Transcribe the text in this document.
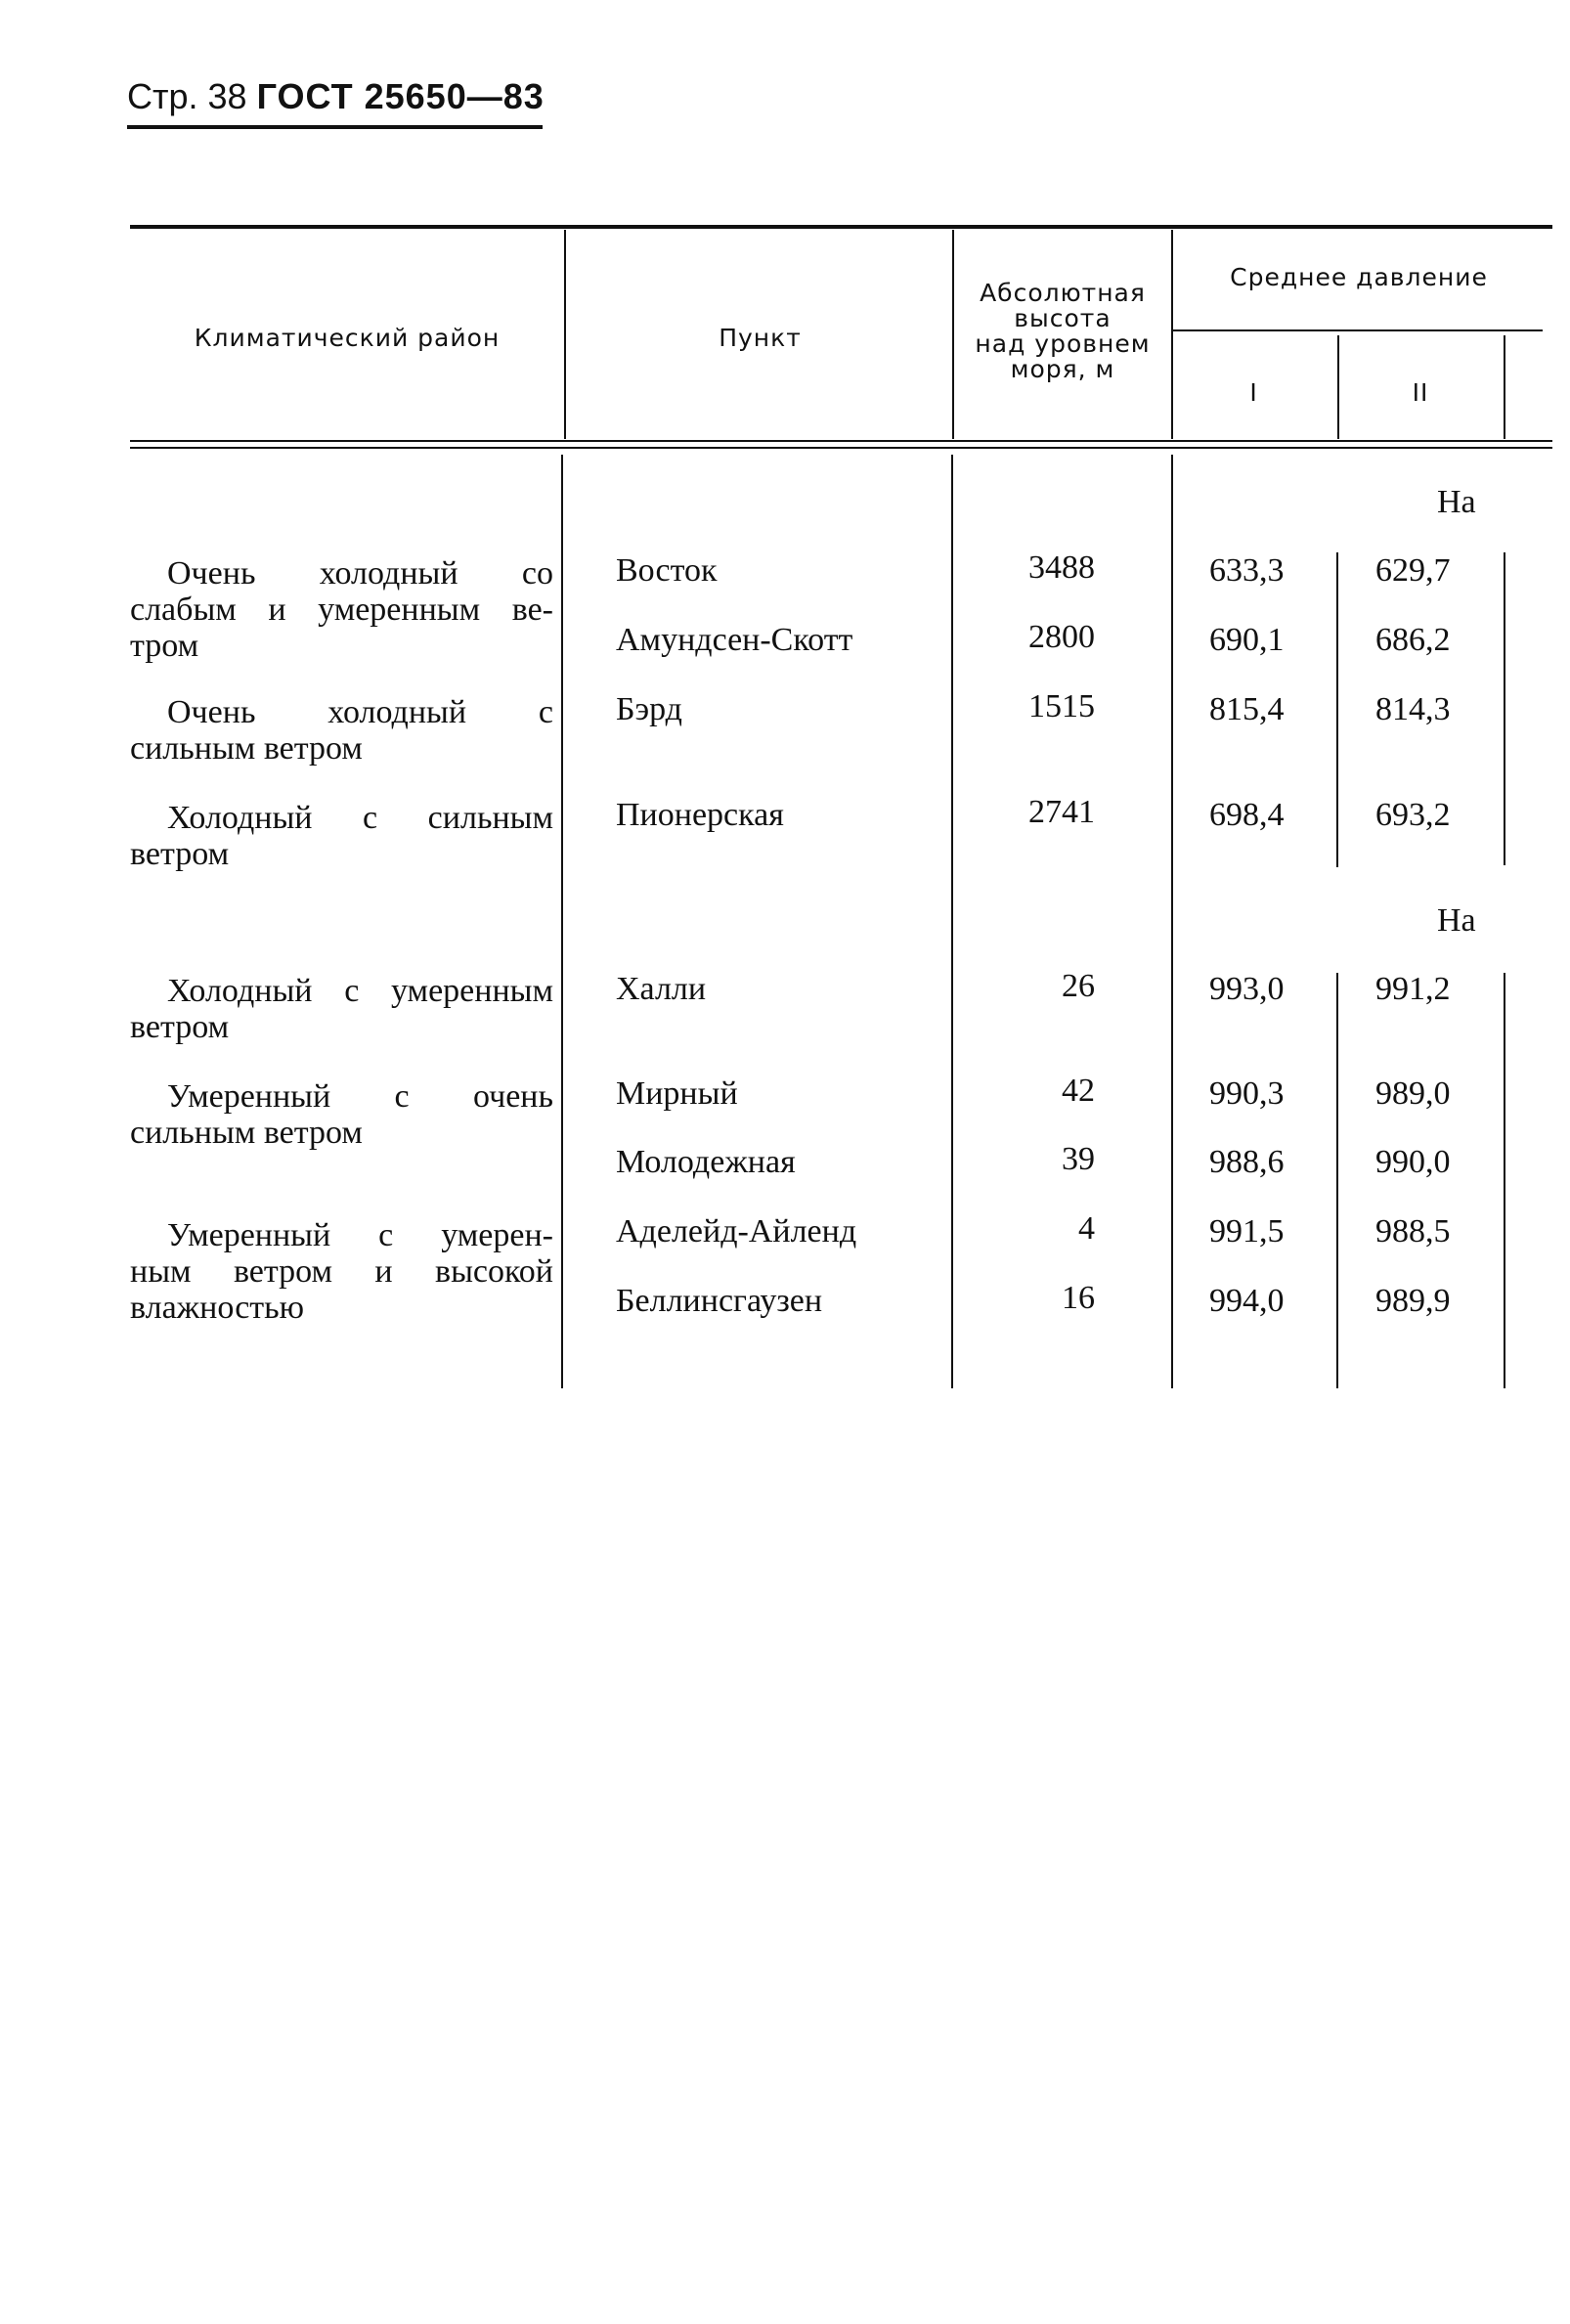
Стр. 38 ГОСТ 25650—83
Климатический район	Пункт
Абсолютная
высота
над уровнем
моря, м
Среднее давление
I	II
На
Очень холодный со
слабым и умеренным ве-
тром
Очень холодный с
сильным ветром
Холодный с сильным
ветром
Восток
Амундсен-Скотт
Бэрд
Пионерская
3488
2800
1515
2741
633,3
690,1
815,4
698,4
629,7
686,2
814,3
693,2
На
Холодный с умеренным
ветром
Умеренный с очень
сильным ветром
Умеренный с умерен-
ным ветром и высокой
влажностью
Халли
Мирный
Молодежная
Аделейд-Айленд
Беллинсгаузен
26
42
39
4
16
993,0
990,3
988,6
991,5
994,0
991,2
989,0
990,0
988,5
989,9
